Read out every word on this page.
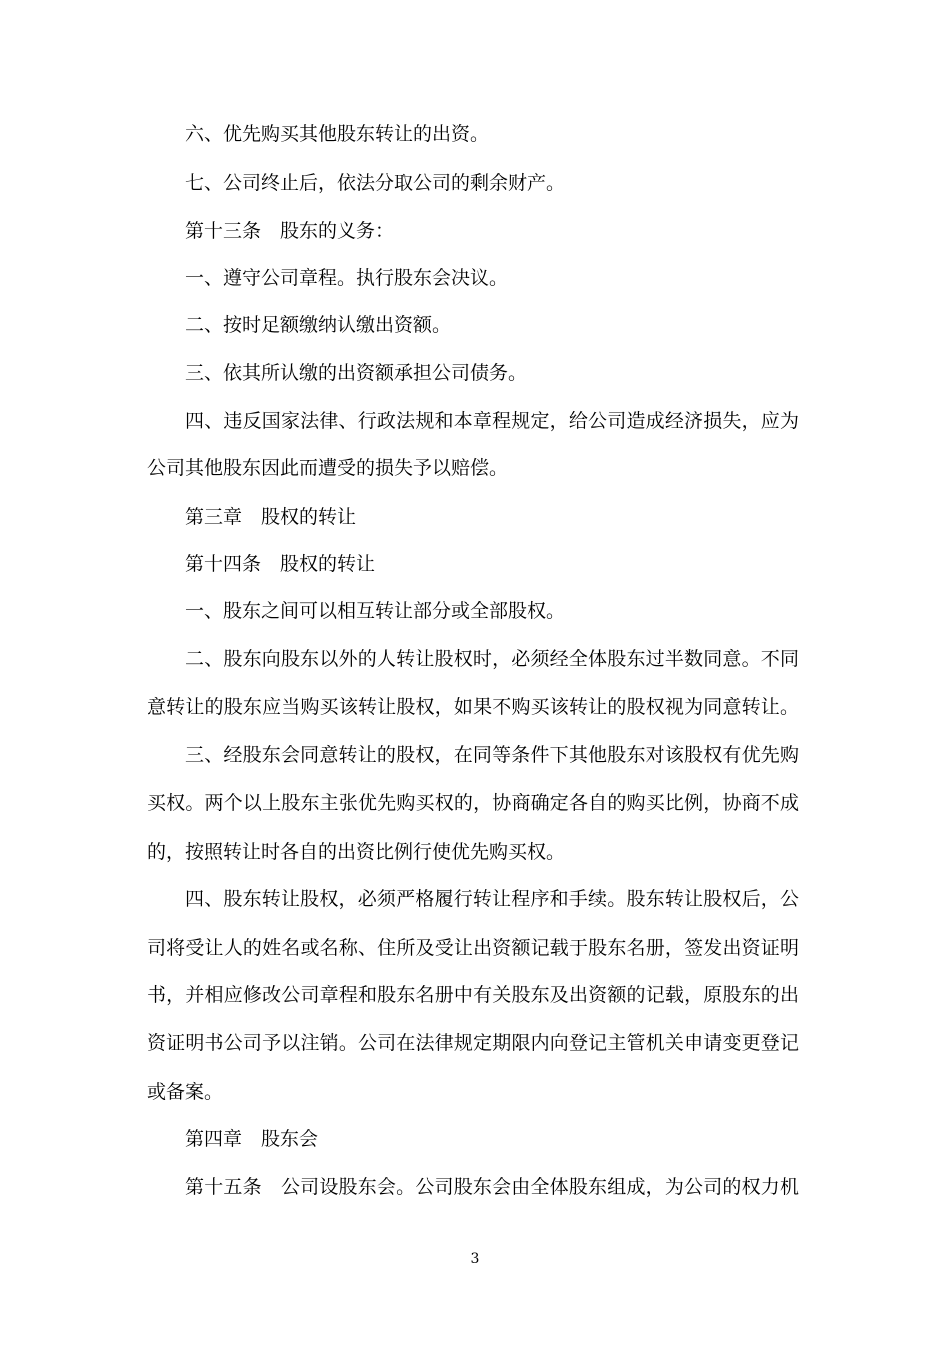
六、优先购买其他股东转让的出资。
七、公司终止后，依法分取公司的剩余财产。
第十三条　股东的义务：
一、遵守公司章程。执行股东会决议。
二、按时足额缴纳认缴出资额。
三、依其所认缴的出资额承担公司债务。
四、违反国家法律、行政法规和本章程规定，给公司造成经济损失，应为
公司其他股东因此而遭受的损失予以赔偿。
第三章　股权的转让
第十四条　股权的转让
一、股东之间可以相互转让部分或全部股权。
二、股东向股东以外的人转让股权时，必须经全体股东过半数同意。不同
意转让的股东应当购买该转让股权，如果不购买该转让的股权视为同意转让。
三、经股东会同意转让的股权，在同等条件下其他股东对该股权有优先购
买权。两个以上股东主张优先购买权的，协商确定各自的购买比例，协商不成
的，按照转让时各自的出资比例行使优先购买权。
四、股东转让股权，必须严格履行转让程序和手续。股东转让股权后，公
司将受让人的姓名或名称、住所及受让出资额记载于股东名册，签发出资证明
书，并相应修改公司章程和股东名册中有关股东及出资额的记载，原股东的出
资证明书公司予以注销。公司在法律规定期限内向登记主管机关申请变更登记
或备案。
第四章　股东会
第十五条　公司设股东会。公司股东会由全体股东组成，为公司的权力机
3
